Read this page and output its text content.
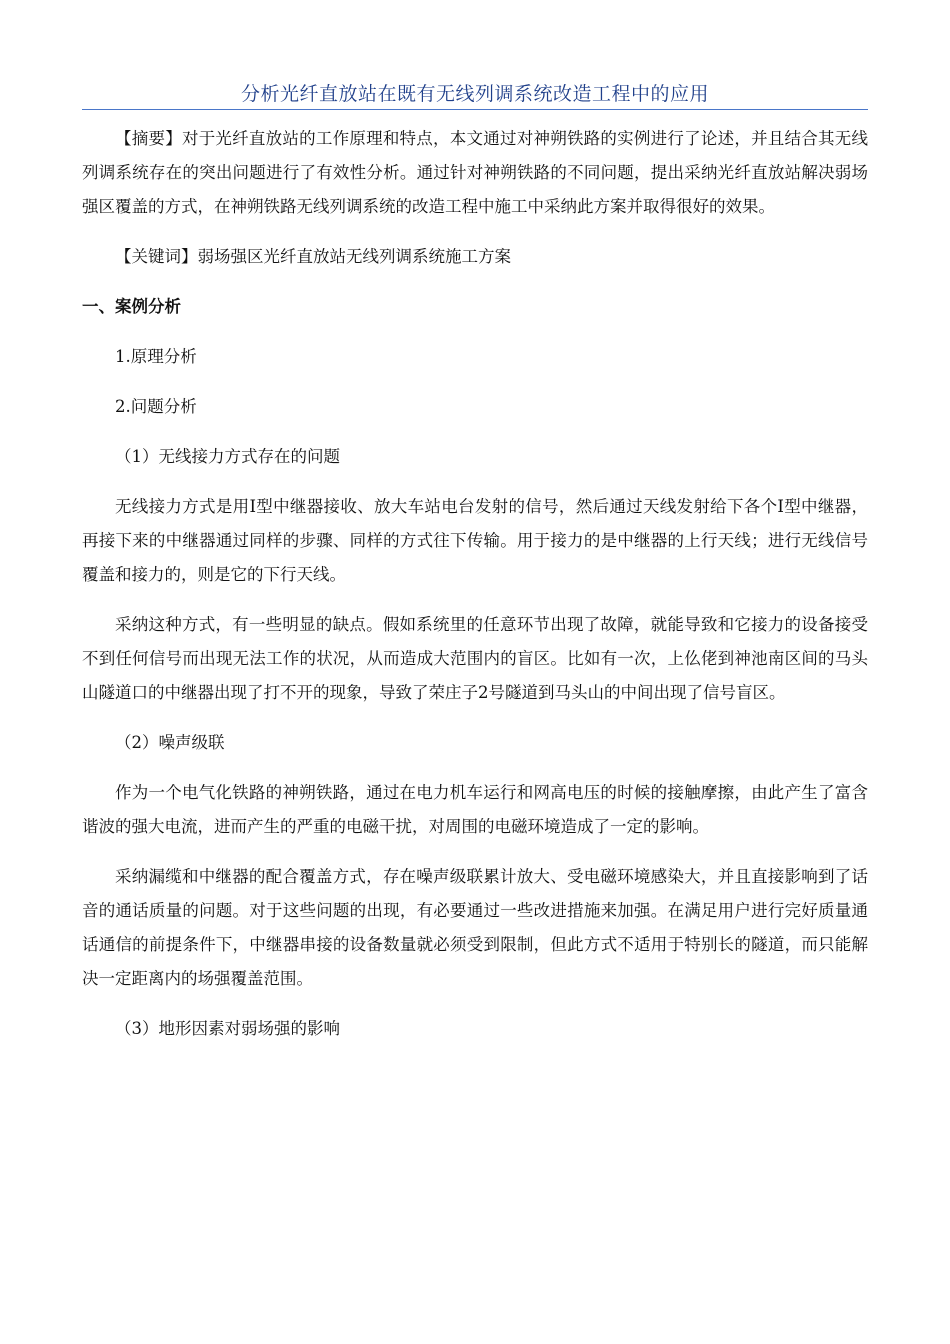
分析光纤直放站在既有无线列调系统改造工程中的应用

【摘要】对于光纤直放站的工作原理和特点，本文通过对神朔铁路的实例进行了论述，并且结合其无线列调系统存在的突出问题进行了有效性分析。通过针对神朔铁路的不同问题，提出采纳光纤直放站解决弱场强区覆盖的方式，在神朔铁路无线列调系统的改造工程中施工中采纳此方案并取得很好的效果。

【关键词】弱场强区光纤直放站无线列调系统施工方案

一、案例分析

1.原理分析

2.问题分析

（1）无线接力方式存在的问题

无线接力方式是用I型中继器接收、放大车站电台发射的信号，然后通过天线发射给下各个I型中继器，再接下来的中继器通过同样的步骤、同样的方式往下传输。用于接力的是中继器的上行天线；进行无线信号覆盖和接力的，则是它的下行天线。

采纳这种方式，有一些明显的缺点。假如系统里的任意环节出现了故障，就能导致和它接力的设备接受不到任何信号而出现无法工作的状况，从而造成大范围内的盲区。比如有一次，上仫佬到神池南区间的马头山隧道口的中继器出现了打不开的现象，导致了荣庄子2号隧道到马头山的中间出现了信号盲区。

（2）噪声级联

作为一个电气化铁路的神朔铁路，通过在电力机车运行和网高电压的时候的接触摩擦，由此产生了富含谐波的强大电流，进而产生的严重的电磁干扰，对周围的电磁环境造成了一定的影响。

采纳漏缆和中继器的配合覆盖方式，存在噪声级联累计放大、受电磁环境感染大，并且直接影响到了话音的通话质量的问题。对于这些问题的出现，有必要通过一些改进措施来加强。在满足用户进行完好质量通话通信的前提条件下，中继器串接的设备数量就必须受到限制，但此方式不适用于特别长的隧道，而只能解决一定距离内的场强覆盖范围。

（3）地形因素对弱场强的影响
